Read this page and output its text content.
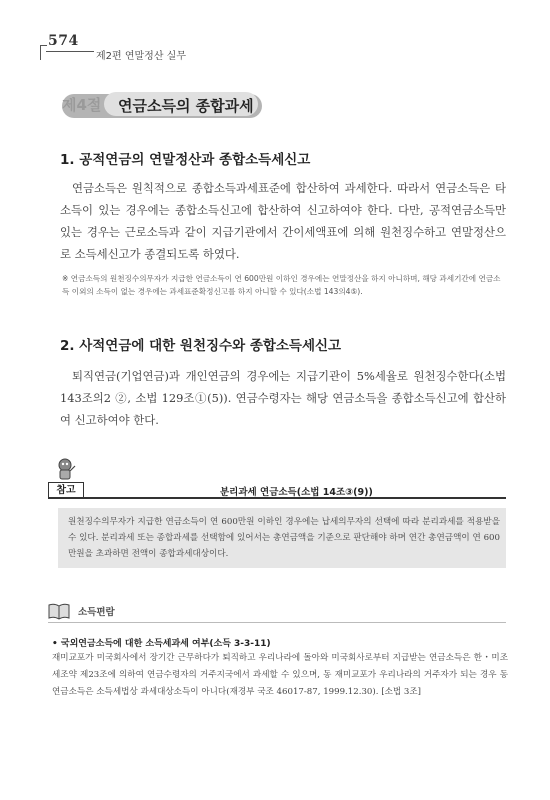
574
제2편 연말정산 실무
제4절 연금소득의 종합과세
1. 공적연금의 연말정산과 종합소득세신고
연금소득은 원칙적으로 종합소득과세표준에 합산하여 과세한다. 따라서 연금소득은 타소득이 있는 경우에는 종합소득신고에 합산하여 신고하여야 한다. 다만, 공적연금소득만 있는 경우는 근로소득과 같이 지급기관에서 간이세액표에 의해 원천징수하고 연말정산으로 소득세신고가 종결되도록 하였다.
※ 연금소득의 원천징수의무자가 지급한 연금소득이 연 600만원 이하인 경우에는 연말정산을 하지 아니하며, 해당 과세기간에 연금소득 이외의 소득이 없는 경우에는 과세표준확정신고를 하지 아니할 수 있다(소법 143의4⑤).
2. 사적연금에 대한 원천징수와 종합소득세신고
퇴직연금(기업연금)과 개인연금의 경우에는 지급기관이 5%세율로 원천징수한다(소법 143조의2 ②, 소법 129조①(5)). 연금수령자는 해당 연금소득을 종합소득신고에 합산하여 신고하여야 한다.
참고	분리과세 연금소득(소법 14조③(9))
원천징수의무자가 지급한 연금소득이 연 600만원 이하인 경우에는 납세의무자의 선택에 따라 분리과세를 적용받을 수 있다. 분리과세 또는 종합과세를 선택함에 있어서는 총연금액을 기준으로 판단해야 하며 연간 총연금액이 연 600만원을 초과하면 전액이 종합과세대상이다.
소득편람
• 국외연금소득에 대한 소득세과세 여부(소득 3-3-11)
재미교포가 미국회사에서 장기간 근무하다가 퇴직하고 우리나라에 돌아와 미국회사로부터 지급받는 연금소득은 한・미조세조약 제23조에 의하여 연금수령자의 거주지국에서 과세할 수 있으며, 동 재미교포가 우리나라의 거주자가 되는 경우 동 연금소득은 소득세법상 과세대상소득이 아니다(재경부 국조 46017-87, 1999.12.30). [소법 3조]
